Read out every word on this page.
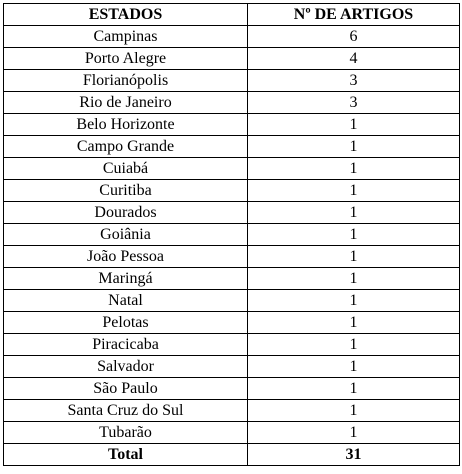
ESTADOS	Nº DE ARTIGOS
Campinas	6
Porto Alegre	4
Florianópolis	3
Rio de Janeiro	3
Belo Horizonte	1
Campo Grande	1
Cuiabá	1
Curitiba	1
Dourados	1
Goiânia	1
João Pessoa	1
Maringá	1
Natal	1
Pelotas	1
Piracicaba	1
Salvador	1
São Paulo	1
Santa Cruz do Sul	1
Tubarão	1
Total	31
